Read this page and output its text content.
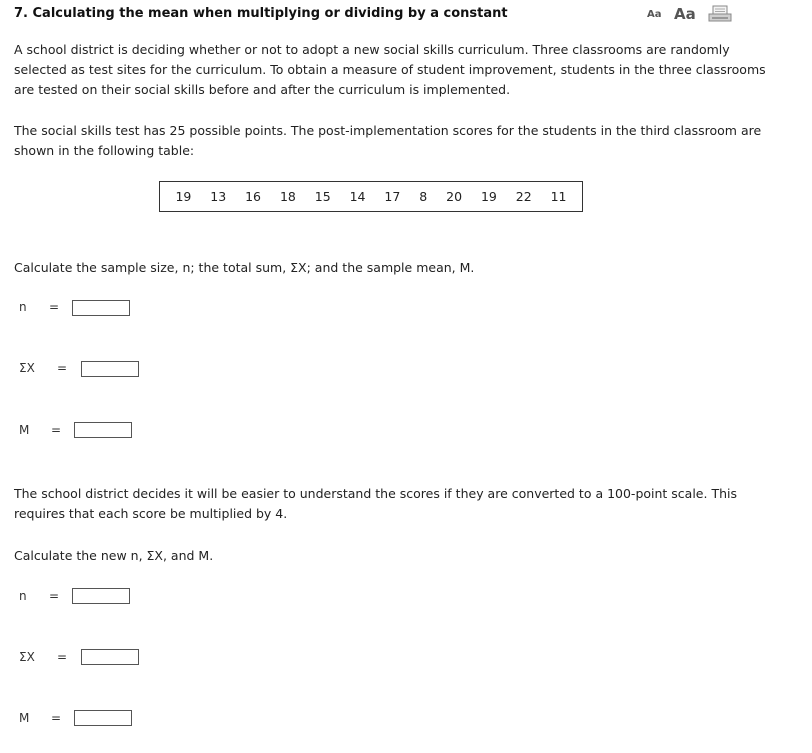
7. Calculating the mean when multiplying or dividing by a constant	Aa Aa
A school district is deciding whether or not to adopt a new social skills curriculum. Three classrooms are randomly selected as test sites for the curriculum. To obtain a measure of student improvement, students in the three classrooms are tested on their social skills before and after the curriculum is implemented.
The social skills test has 25 possible points. The post-implementation scores for the students in the third classroom are shown in the following table:
19 13 16 18 15 14 17 8 20 19 22 11
Calculate the sample size, n; the total sum, ΣX; and the sample mean, M.
n =
ΣX =
M =
The school district decides it will be easier to understand the scores if they are converted to a 100-point scale. This requires that each score be multiplied by 4.
Calculate the new n, ΣX, and M.
n =
ΣX =
M =
